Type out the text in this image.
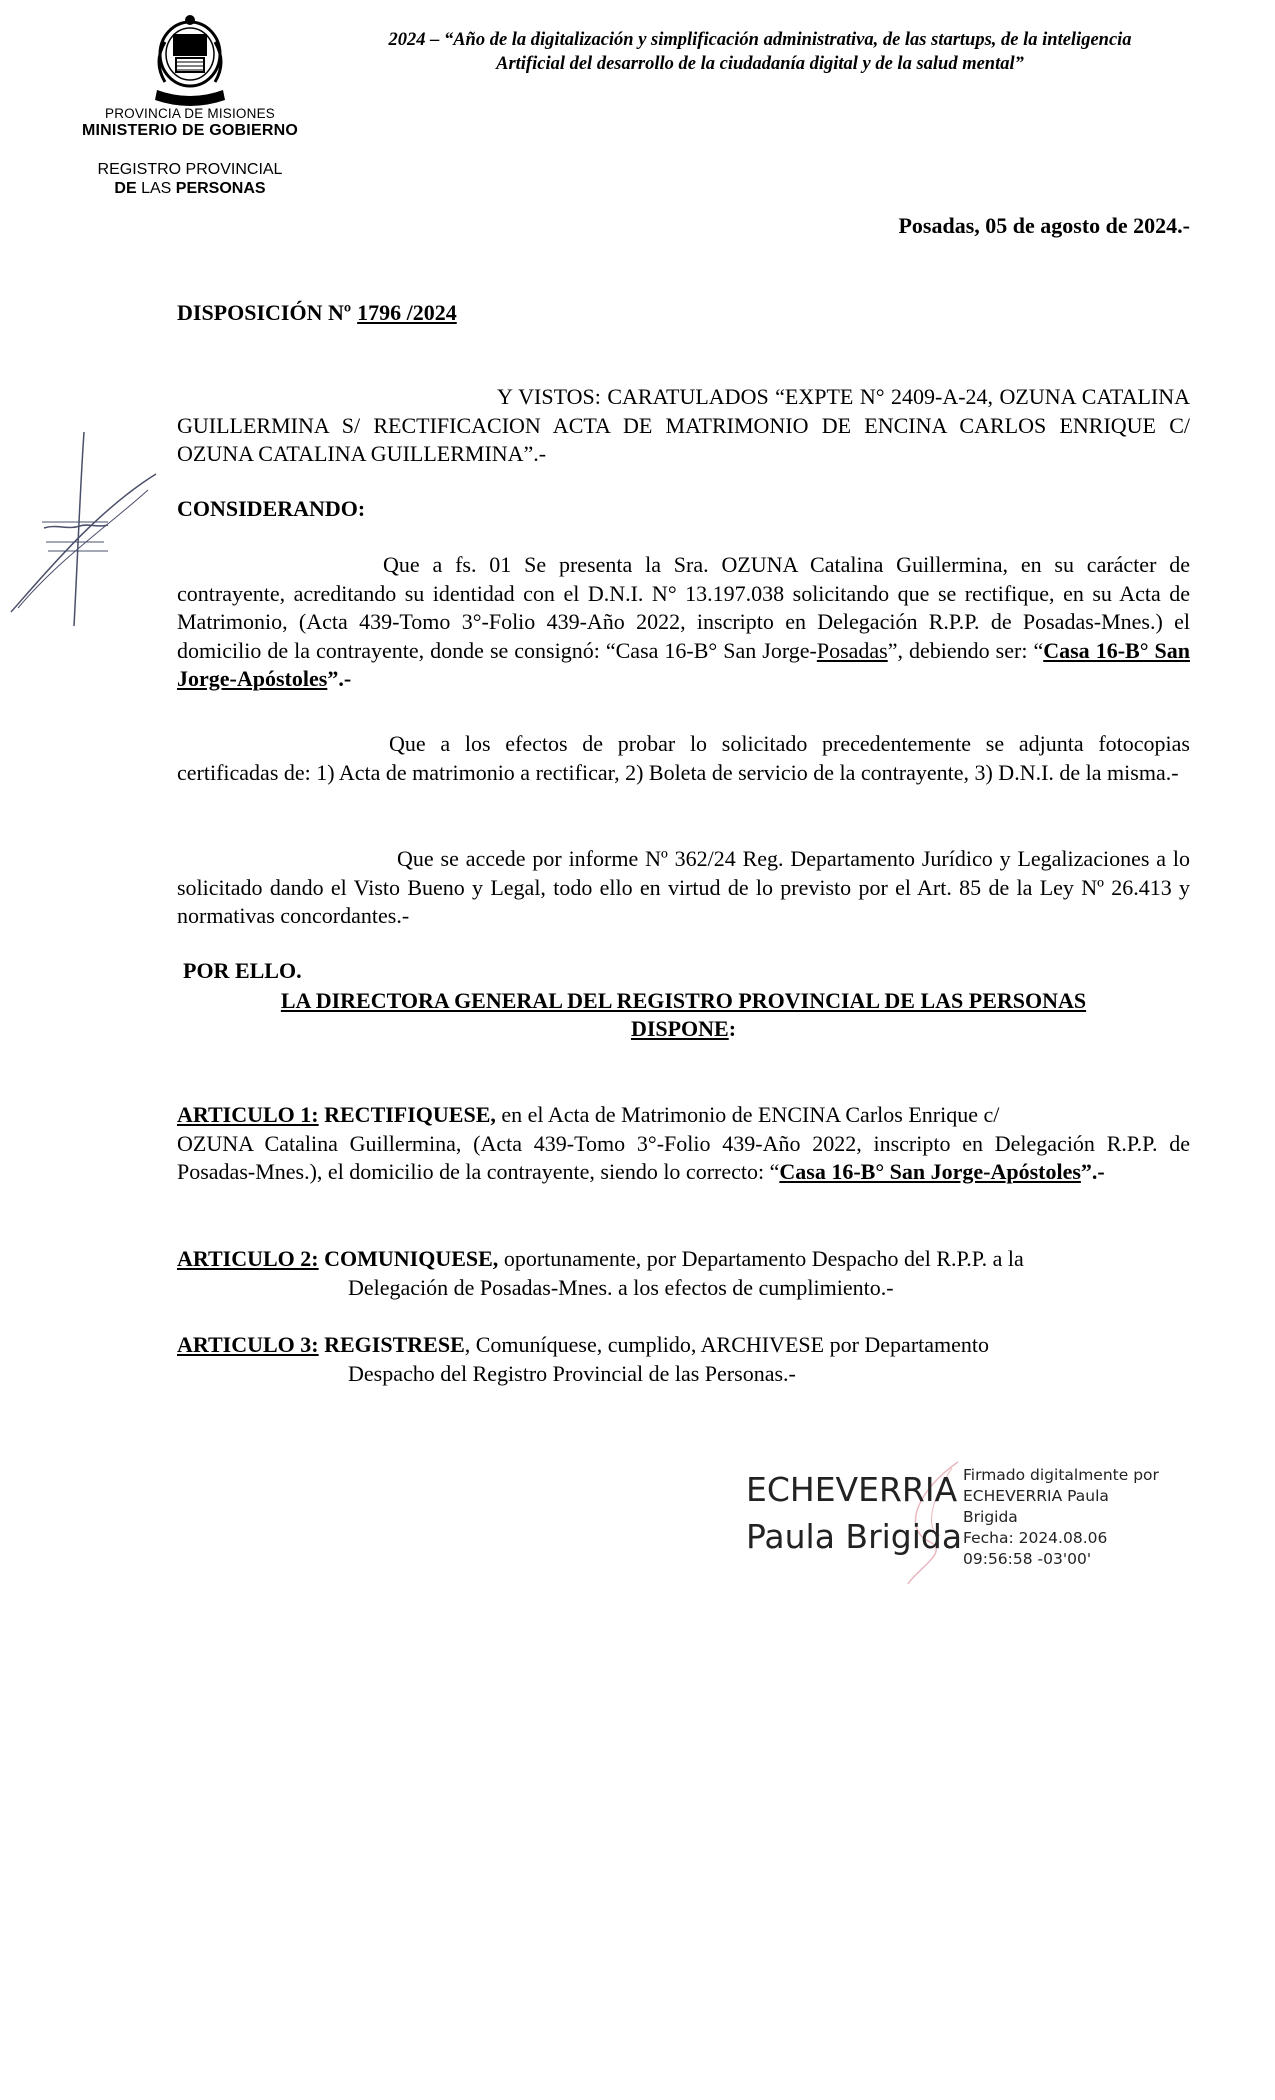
PROVINCIA DE MISIONES
MINISTERIO DE GOBIERNO
REGISTRO PROVINCIAL
DE LAS PERSONAS
2024 – “Año de la digitalización y simplificación administrativa, de las startups, de la inteligencia
Artificial del desarrollo de la ciudadanía digital y de la salud mental”
Posadas, 05 de agosto de 2024.-
DISPOSICIÓN Nº 1796 /2024
Y VISTOS: CARATULADOS “EXPTE N° 2409-A-24, OZUNA CATALINA GUILLERMINA S/ RECTIFICACION ACTA DE MATRIMONIO DE ENCINA CARLOS ENRIQUE C/ OZUNA CATALINA GUILLERMINA”.-
CONSIDERANDO:
Que a fs. 01 Se presenta la Sra. OZUNA Catalina Guillermina, en su carácter de contrayente, acreditando su identidad con el D.N.I. N° 13.197.038 solicitando que se rectifique, en su Acta de Matrimonio, (Acta 439-Tomo 3°-Folio 439-Año 2022, inscripto en Delegación R.P.P. de Posadas-Mnes.) el domicilio de la contrayente, donde se consignó: “Casa 16-B° San Jorge-Posadas”, debiendo ser: “Casa 16-B° San Jorge-Apóstoles”.-
Que a los efectos de probar lo solicitado precedentemente se adjunta fotocopias certificadas de: 1) Acta de matrimonio a rectificar, 2) Boleta de servicio de la contrayente, 3) D.N.I. de la misma.-
Que se accede por informe Nº 362/24 Reg. Departamento Jurídico y Legalizaciones a lo solicitado dando el Visto Bueno y Legal, todo ello en virtud de lo previsto por el Art. 85 de la Ley Nº 26.413 y normativas concordantes.-
POR ELLO.
LA DIRECTORA GENERAL DEL REGISTRO PROVINCIAL DE LAS PERSONAS
DISPONE:
ARTICULO 1: RECTIFIQUESE, en el Acta de Matrimonio de ENCINA Carlos Enrique c/
OZUNA Catalina Guillermina, (Acta 439-Tomo 3°-Folio 439-Año 2022, inscripto en Delegación R.P.P. de Posadas-Mnes.), el domicilio de la contrayente, siendo lo correcto: “Casa 16-B° San Jorge-Apóstoles”.-
ARTICULO 2: COMUNIQUESE, oportunamente, por Departamento Despacho del R.P.P. a la
Delegación de Posadas-Mnes. a los efectos de cumplimiento.-
ARTICULO 3: REGISTRESE, Comuníquese, cumplido, ARCHIVESE por Departamento
Despacho del Registro Provincial de las Personas.-
ECHEVERRIA
Paula Brigida
Firmado digitalmente por
ECHEVERRIA Paula
Brigida
Fecha: 2024.08.06
09:56:58 -03'00'
